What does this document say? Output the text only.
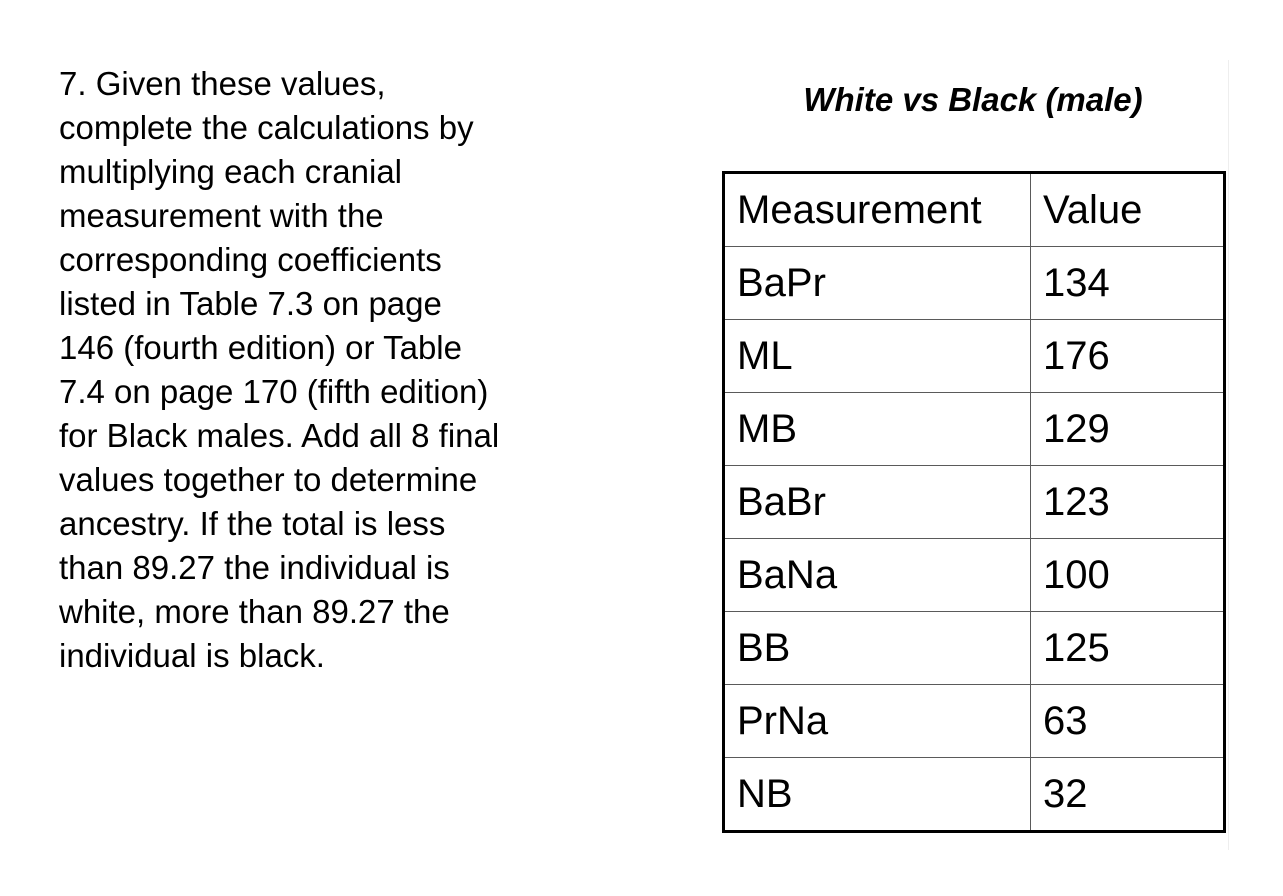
7. Given these values,
complete the calculations by
multiplying each cranial
measurement with the
corresponding coefficients
listed in Table 7.3 on page
146 (fourth edition) or Table
7.4 on page 170 (fifth edition)
for Black males. Add all 8 final
values together to determine
ancestry. If the total is less
than 89.27 the individual is
white, more than 89.27 the
individual is black.

White vs Black (male)
Measurement	Value
BaPr	134
ML	176
MB	129
BaBr	123
BaNa	100
BB	125
PrNa	63
NB	32
